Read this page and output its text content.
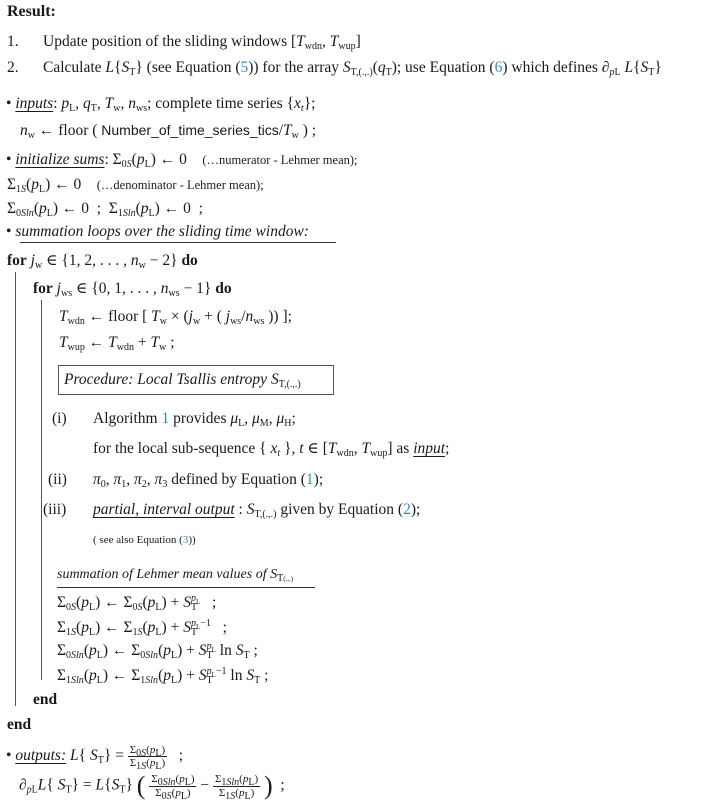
Result:
1. Update position of the sliding windows [$T_{wdn}$, $T_{wup}$]
2. Calculate $L\{S_T\}$ (see Equation (5)) for the array $S_{T,(.,.)}(q_T)$; use Equation (6) which defines $\partial_{pL}$ $L\{S_T\}$
• inputs: $p_L$, $q_T$, $T_w$, $n_{ws}$; complete time series $\{x_t\}$;
$n_w$ ← floor ( $Number\_of\_time\_series\_tics/T_w$ ) ;
• initialize sums: $\Sigma_{0S}(p_L)$ ← 0    (…numerator - Lehmer mean);
$\Sigma_{1S}(p_L)$ ← 0    (…denominator - Lehmer mean);
$\Sigma_{0Sln}(p_L)$ ← 0  ;  $\Sigma_{1Sln}(p_L)$ ← 0  ;
• summation loops over the sliding time window:
for $j_w$ ∈ {1, 2, . . . , $n_w - 2$} do
for $j_{ws}$ ∈ {0, 1, . . . , $n_{ws} - 1$} do
$T_{wdn}$ ← floor [ $T_w \times (j_w$ + ( $j_{ws}/n_{ws}$ )) ];
$T_{wup}$ ← $T_{wdn} + T_w$ ;
Procedure: Local Tsallis entropy $S_{T,(.,.)}$
(i) Algorithm 1 provides $\mu_L$, $\mu_M$, $\mu_H$;
for the local sub-sequence { $x_t$ }, t ∈ [$T_{wdn}$, $T_{wup}$] as input;
(ii) $\pi_0$, $\pi_1$, $\pi_2$, $\pi_3$ defined by Equation (1);
(iii) partial, interval output : $S_{T,(.,.)}$ given by Equation (2);
( see also Equation (3))
summation of Lehmer mean values of $S_{T(.,.)}$
$\Sigma_{0S}(p_L)$ ← $\Sigma_{0S}(p_L) + S_T^{p_L}$   ;
$\Sigma_{1S}(p_L)$ ← $\Sigma_{1S}(p_L) + S_T^{p_L-1}$   ;
$\Sigma_{0Sln}(p_L)$ ← $\Sigma_{0Sln}(p_L) + S_T^{p_L}$ $\ln S_T$ ;
$\Sigma_{1Sln}(p_L)$ ← $\Sigma_{1Sln}(p_L) + S_T^{p_L-1}$ $\ln S_T$ ;
end
end
• outputs: L{ $S_T\} = \frac{\Sigma_{0S}(p_L)}{\Sigma_{1S}(p_L)}$ ;
$\partial_{pL}L${ $S_T\} = L\{S_T\}$ ( $\frac{\Sigma_{0Sln}(p_L)}{\Sigma_{0S}(p_L)} - \frac{\Sigma_{1Sln}(p_L)}{\Sigma_{1S}(p_L)}$ )  ;
